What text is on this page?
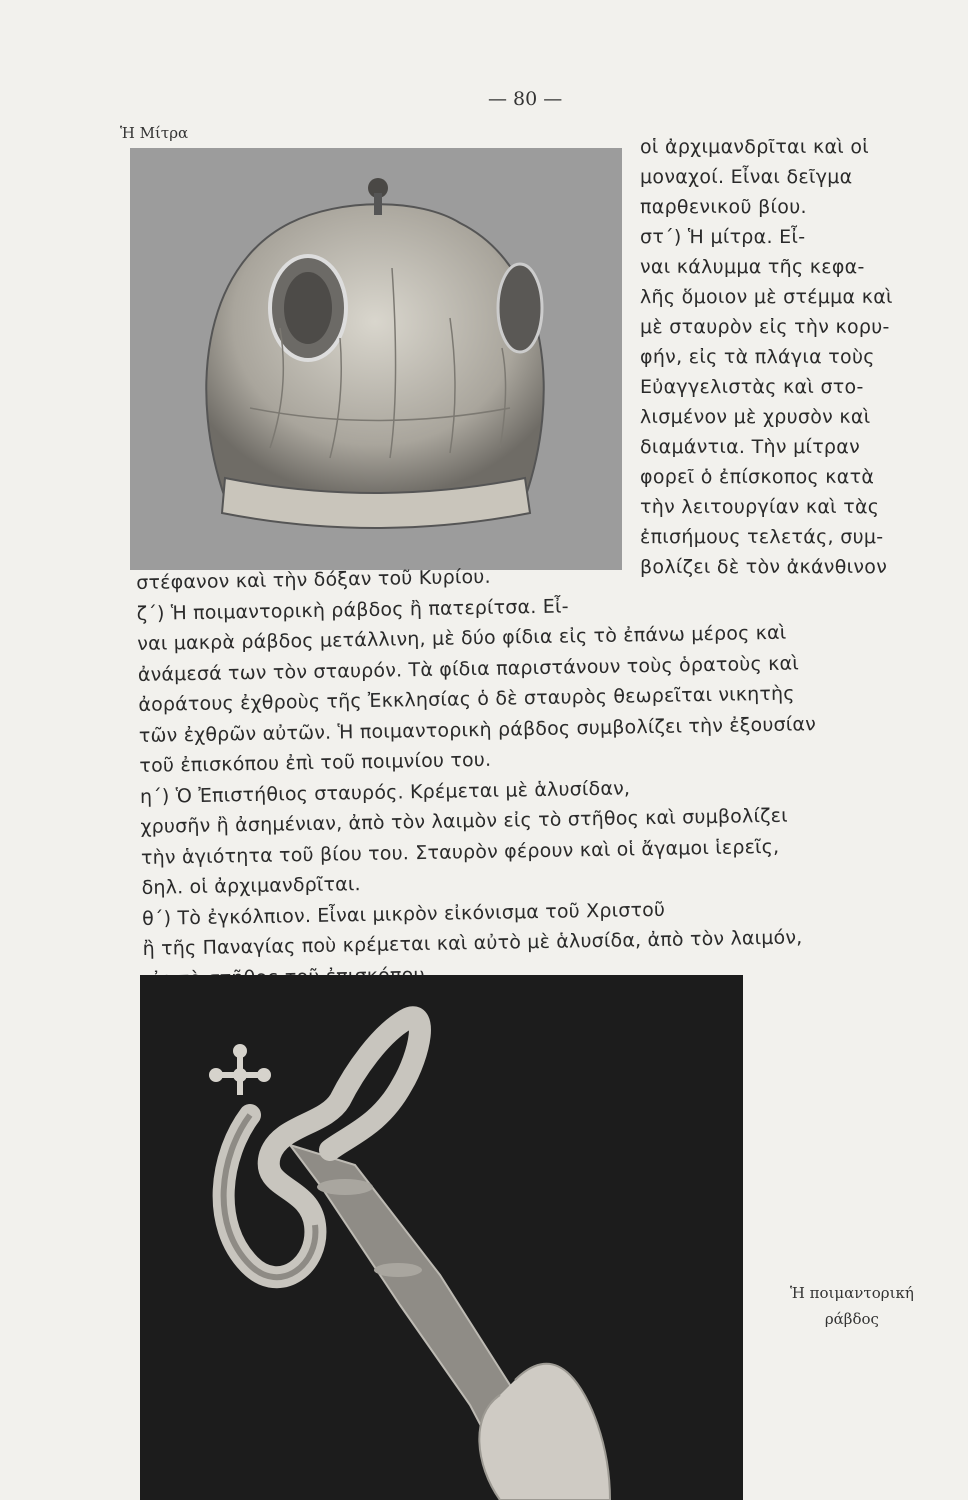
— 80 —
Ἡ Μίτρα

οἱ ἀρχιμανδρῖται καὶ οἱ

μοναχοί. Εἶναι δεῖγμα

παρθενικοῦ βίου.

στ΄) Ἡ μίτρα. Εἶ-

ναι κάλυμμα τῆς κεφα-

λῆς ὅμοιον μὲ στέμμα καὶ

μὲ σταυρὸν εἰς τὴν κορυ-

φήν, εἰς τὰ πλάγια τοὺς

Εὐαγγελιστὰς καὶ στο-

λισμένον μὲ χρυσὸν καὶ

διαμάντια. Τὴν μίτραν

φορεῖ ὁ ἐπίσκοπος κατὰ

τὴν λειτουργίαν καὶ τὰς

ἐπισήμους τελετάς, συμ-

βολίζει δὲ τὸν ἀκάνθινον

στέφανον καὶ τὴν δόξαν τοῦ Κυρίου.

ζ΄) Ἡ ποιμαντορικὴ ράβδος ἢ πατερίτσα. Εἶ-

ναι μακρὰ ράβδος μετάλλινη, μὲ δύο φίδια εἰς τὸ ἐπάνω μέρος καὶ

ἀνάμεσά των τὸν σταυρόν. Τὰ φίδια παριστάνουν τοὺς ὁρατοὺς καὶ

ἀοράτους ἐχθροὺς τῆς Ἐκκλησίας ὁ δὲ σταυρὸς θεωρεῖται νικητὴς

τῶν ἐχθρῶν αὐτῶν. Ἡ ποιμαντορικὴ ράβδος συμβολίζει τὴν ἐξουσίαν

τοῦ ἐπισκόπου ἐπὶ τοῦ ποιμνίου του.

η΄) Ὁ Ἐπιστήθιος σταυρός. Κρέμεται μὲ ἁλυσίδαν,

χρυσῆν ἢ ἀσημένιαν, ἀπὸ τὸν λαιμὸν εἰς τὸ στῆθος καὶ συμβολίζει

τὴν ἁγιότητα τοῦ βίου του. Σταυρὸν φέρουν καὶ οἱ ἄγαμοι ἱερεῖς,

δηλ. οἱ ἀρχιμανδρῖται.

θ΄) Τὸ ἐγκόλπιον. Εἶναι μικρὸν εἰκόνισμα τοῦ Χριστοῦ

ἢ τῆς Παναγίας ποὺ κρέμεται καὶ αὐτὸ μὲ ἁλυσίδα, ἀπὸ τὸν λαιμόν,

Ἡ ποιμαντορική
ράβδος
